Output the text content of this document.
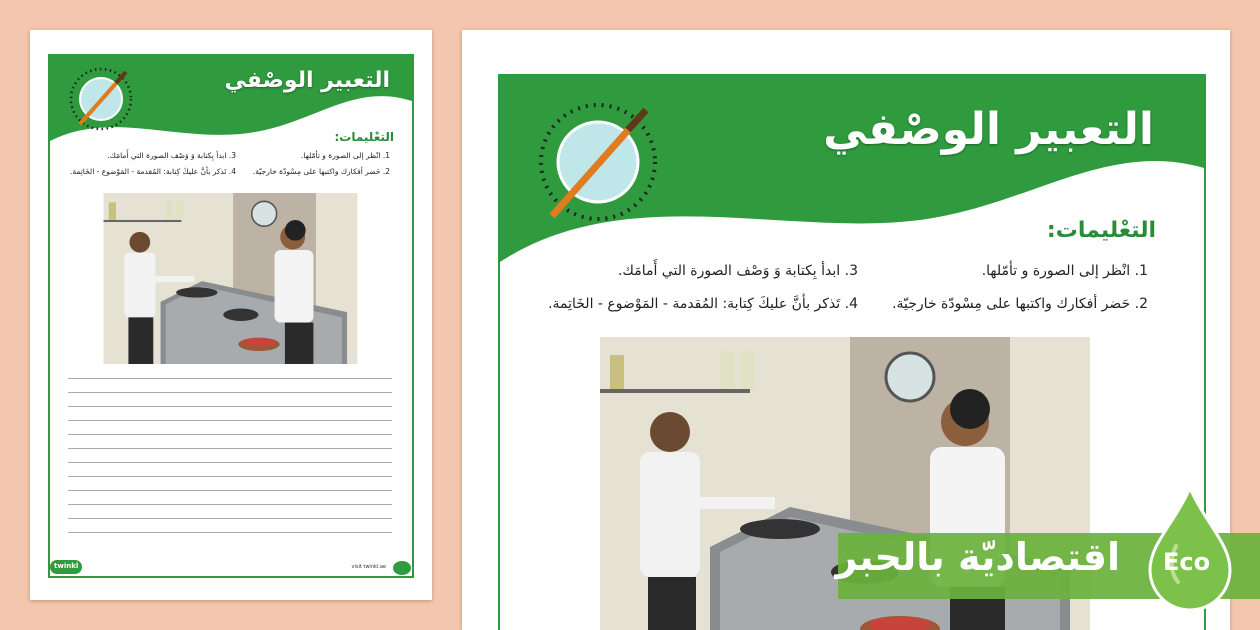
التعبير الوصْفي
التعْليمات:
1. انْظر إلى الصورة و تأمّلها.
2. حَضر أفكارك واكتبها على مِسْودّة خارجيّة.
3. ابدأ بِكتابة وَ وَصْف الصورة التي أَمامَك.
4. تَذكر بأنَّ عليكَ كِتابة: المُقدمة - المَوْضوع - الخَاتِمة.
twinkl	visit twinkl.ae
التعبير الوصْفي
التعْليمات:
1. انْظر إلى الصورة و تأمّلها.
2. حَضر أفكارك واكتبها على مِسْودّة خارجيّة.
3. ابدأ بِكتابة وَ وَصْف الصورة التي أَمامَك.
4. تَذكر بأنَّ عليكَ كِتابة: المُقدمة - المَوْضوع - الخَاتِمة.
اقتصاديّة بالحبر Eco
